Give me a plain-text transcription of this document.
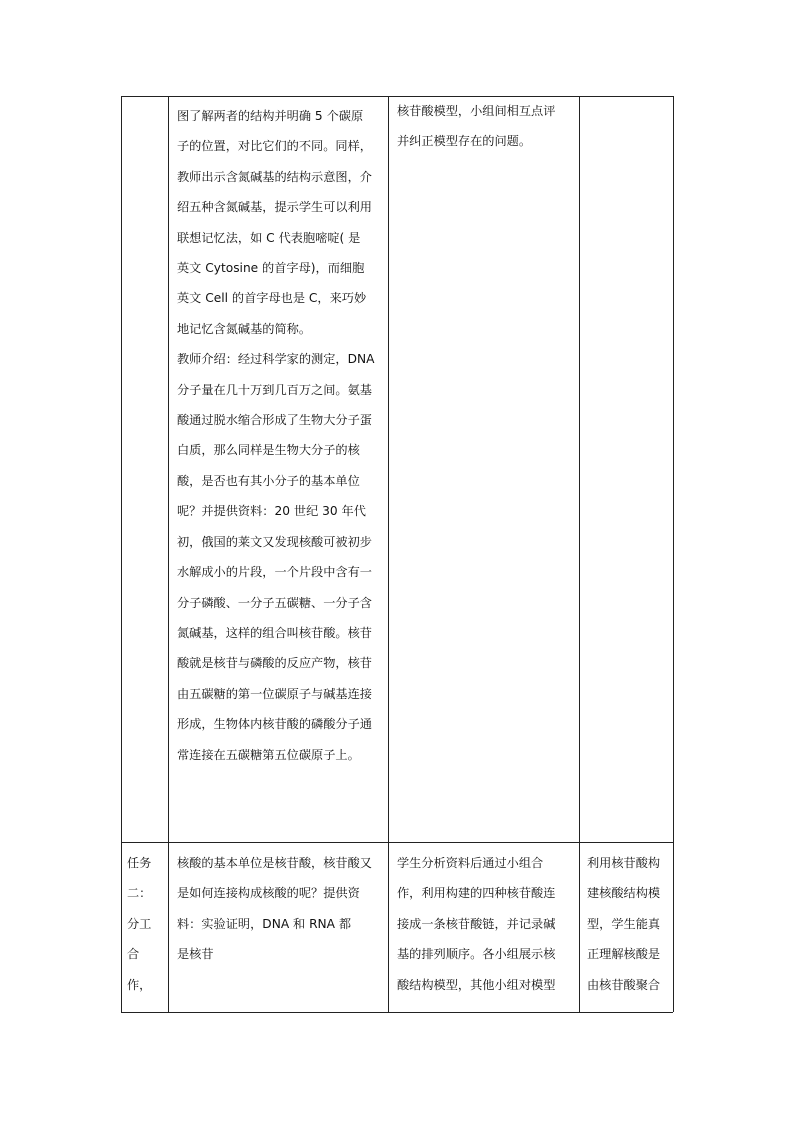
图了解两者的结构并明确 5 个碳原

子的位置，对比它们的不同。同样，

教师出示含氮碱基的结构示意图，介

绍五种含氮碱基，提示学生可以利用

联想记忆法，如 C 代表胞嘧啶( 是

英文 Cytosine 的首字母)，而细胞

英文 Cell 的首字母也是 C，来巧妙

地记忆含氮碱基的简称。

教师介绍：经过科学家的测定，DNA

分子量在几十万到几百万之间。氨基

酸通过脱水缩合形成了生物大分子蛋

白质，那么同样是生物大分子的核

酸，是否也有其小分子的基本单位

呢？并提供资料：20 世纪 30 年代

初，俄国的莱文又发现核酸可被初步

水解成小的片段，一个片段中含有一

分子磷酸、一分子五碳糖、一分子含

氮碱基，这样的组合叫核苷酸。核苷

酸就是核苷与磷酸的反应产物，核苷

由五碳糖的第一位碳原子与碱基连接

形成，生物体内核苷酸的磷酸分子通

常连接在五碳糖第五位碳原子上。

核苷酸模型，小组间相互点评

并纠正模型存在的问题。

任务

二：

分工

合

作，

核酸的基本单位是核苷酸，核苷酸又

是如何连接构成核酸的呢？提供资

料：实验证明，DNA 和 RNA 都

是核苷

学生分析资料后通过小组合

作，利用构建的四种核苷酸连

接成一条核苷酸链，并记录碱

基的排列顺序。各小组展示核

酸结构模型，其他小组对模型

利用核苷酸构

建核酸结构模

型，学生能真

正理解核酸是

由核苷酸聚合
